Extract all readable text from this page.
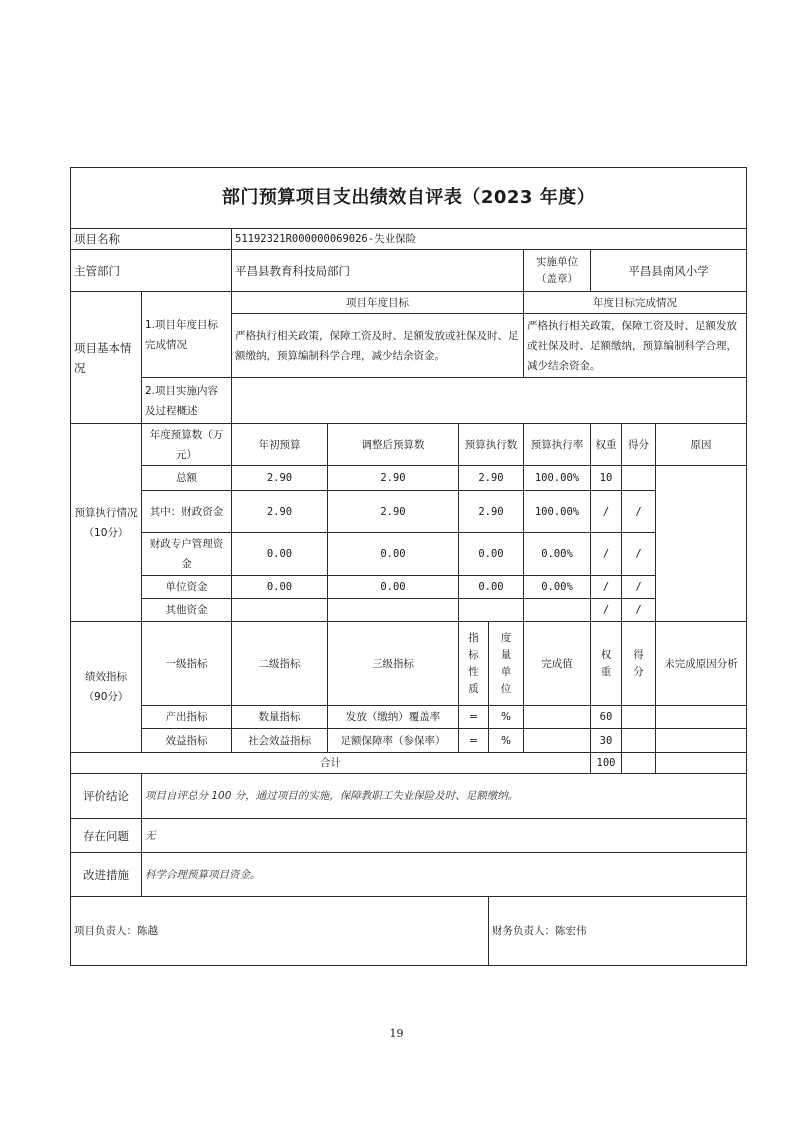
部门预算项目支出绩效自评表（2023 年度）									
项目名称		51192321R000000069026-失业保险							
主管部门		平昌县教育科技局部门				实施单位（盖章）	平昌县南风小学		
项目基本情况	1.项目年度目标完成情况	项目年度目标				年度目标完成情况			
		严格执行相关政策，保障工资及时、足额发放或社保及时、足额缴纳，预算编制科学合理，减少结余资金。				严格执行相关政策，保障工资及时、足额发放或社保及时、足额缴纳，预算编制科学合理，减少结余资金。			
	2.项目实施内容及过程概述								
预算执行情况（10分）	年度预算数（万元）	年初预算	调整后预算数	预算执行数		预算执行率	权重	得分	原因
	总额	2.90	2.90	2.90		100.00%	10		
	其中：财政资金	2.90	2.90	2.90		100.00%	/	/	
	财政专户管理资金	0.00	0.00	0.00		0.00%	/	/	
	单位资金	0.00	0.00	0.00		0.00%	/	/	
	其他资金						/	/	
绩效指标（90分）	一级指标	二级指标	三级指标	指标性质	度量单位	完成值	权重	得分	未完成原因分析
	产出指标	数量指标	发放（缴纳）覆盖率	=	%		60		
	效益指标	社会效益指标	足额保障率（参保率）	=	%		30		
合计							100		
评价结论	项目自评总分 100 分，通过项目的实施，保障教职工失业保险及时、足额缴纳。								
存在问题	无								
改进措施	科学合理预算项目资金。								
项目负责人：陈越					财务负责人：陈宏伟				
19
